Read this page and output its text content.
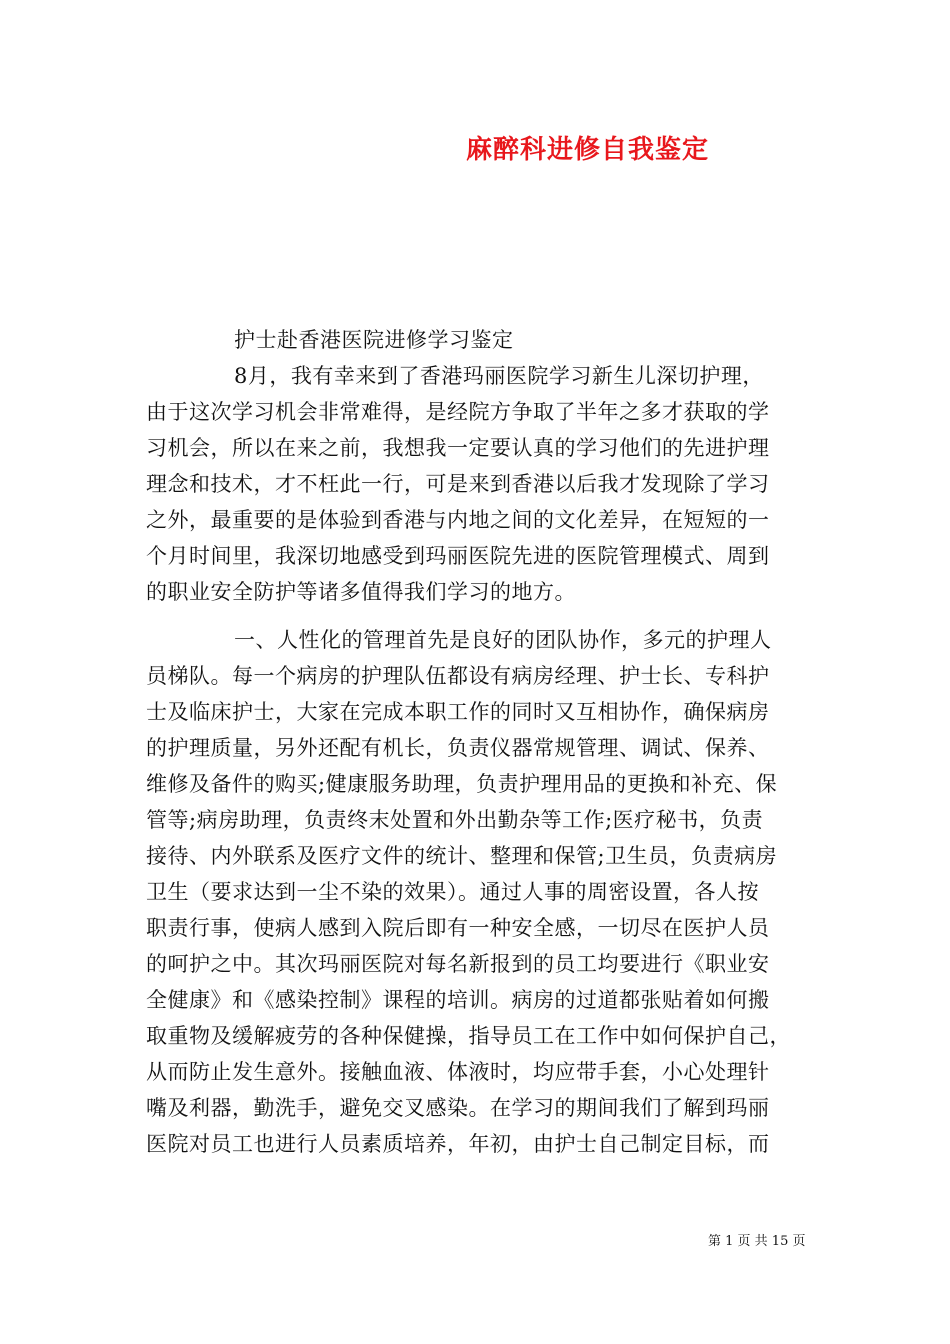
麻醉科进修自我鉴定
护士赴香港医院进修学习鉴定
8月，我有幸来到了香港玛丽医院学习新生儿深切护理，
由于这次学习机会非常难得，是经院方争取了半年之多才获取的学
习机会，所以在来之前，我想我一定要认真的学习他们的先进护理
理念和技术，才不枉此一行，可是来到香港以后我才发现除了学习
之外，最重要的是体验到香港与内地之间的文化差异，在短短的一
个月时间里，我深切地感受到玛丽医院先进的医院管理模式、周到
的职业安全防护等诸多值得我们学习的地方。
一、人性化的管理首先是良好的团队协作，多元的护理人
员梯队。每一个病房的护理队伍都设有病房经理、护士长、专科护
士及临床护士，大家在完成本职工作的同时又互相协作，确保病房
的护理质量，另外还配有机长，负责仪器常规管理、调试、保养、
维修及备件的购买;健康服务助理，负责护理用品的更换和补充、保
管等;病房助理，负责终末处置和外出勤杂等工作;医疗秘书，负责
接待、内外联系及医疗文件的统计、整理和保管;卫生员，负责病房
卫生（要求达到一尘不染的效果）。通过人事的周密设置，各人按
职责行事，使病人感到入院后即有一种安全感，一切尽在医护人员
的呵护之中。其次玛丽医院对每名新报到的员工均要进行《职业安
全健康》和《感染控制》课程的培训。病房的过道都张贴着如何搬
取重物及缓解疲劳的各种保健操，指导员工在工作中如何保护自己，
从而防止发生意外。接触血液、体液时，均应带手套，小心处理针
嘴及利器，勤洗手，避免交叉感染。在学习的期间我们了解到玛丽
医院对员工也进行人员素质培养，年初，由护士自己制定目标，而
第 1 页 共 15 页
